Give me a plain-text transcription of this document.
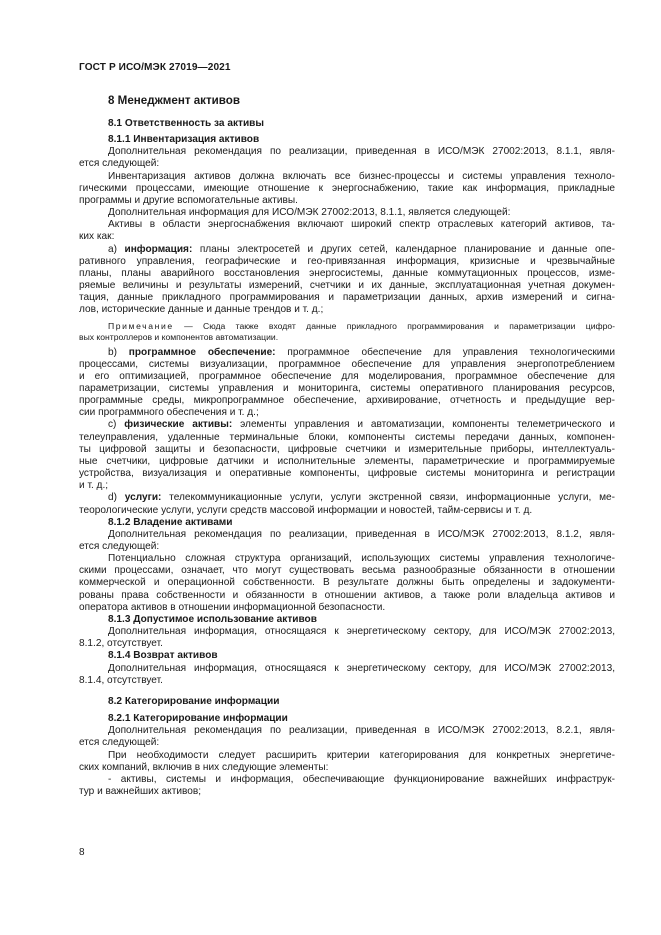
ГОСТ Р ИСО/МЭК 27019—2021
8 Менеджмент активов
8.1 Ответственность за активы
8.1.1 Инвентаризация активов
Дополнительная рекомендация по реализации, приведенная в ИСО/МЭК 27002:2013, 8.1.1, явля-
ется следующей:
Инвентаризация активов должна включать все бизнес-процессы и системы управления техноло-
гическими процессами, имеющие отношение к энергоснабжению, такие как информация, прикладные
программы и другие вспомогательные активы.
Дополнительная информация для ИСО/МЭК 27002:2013, 8.1.1, является следующей:
Активы в области энергоснабжения включают широкий спектр отраслевых категорий активов, та-
ких как:
а) информация: планы электросетей и других сетей, календарное планирование и данные опе-
ративного управления, географические и гео-привязанная информация, кризисные и чрезвычайные
планы, планы аварийного восстановления энергосистемы, данные коммутационных процессов, изме-
ряемые величины и результаты измерений, счетчики и их данные, эксплуатационная учетная докумен-
тация, данные прикладного программирования и параметризации данных, архив измерений и сигна-
лов, исторические данные и данные трендов и т. д.;
Примечание — Сюда также входят данные прикладного программирования и параметризации цифро-
вых контроллеров и компонентов автоматизации.
b) программное обеспечение: программное обеспечение для управления технологическими
процессами, системы визуализации, программное обеспечение для управления энергопотреблением
и его оптимизацией, программное обеспечение для моделирования, программное обеспечение для
параметризации, системы управления и мониторинга, системы оперативного планирования ресурсов,
программные среды, микропрограммное обеспечение, архивирование, отчетность и предыдущие вер-
сии программного обеспечения и т. д.;
с) физические активы: элементы управления и автоматизации, компоненты телеметрического и
телеуправления, удаленные терминальные блоки, компоненты системы передачи данных, компонен-
ты цифровой защиты и безопасности, цифровые счетчики и измерительные приборы, интеллектуаль-
ные счетчики, цифровые датчики и исполнительные элементы, параметрические и программируемые
устройства, визуализация и оперативные компоненты, цифровые системы мониторинга и регистрации
и т. д.;
d) услуги: телекоммуникационные услуги, услуги экстренной связи, информационные услуги, ме-
теорологические услуги, услуги средств массовой информации и новостей, тайм-сервисы и т. д.
8.1.2 Владение активами
Дополнительная рекомендация по реализации, приведенная в ИСО/МЭК 27002:2013, 8.1.2, явля-
ется следующей:
Потенциально сложная структура организаций, использующих системы управления технологиче-
скими процессами, означает, что могут существовать весьма разнообразные обязанности в отношении
коммерческой и операционной собственности. В результате должны быть определены и задокументи-
рованы права собственности и обязанности в отношении активов, а также роли владельца активов и
оператора активов в отношении информационной безопасности.
8.1.3 Допустимое использование активов
Дополнительная информация, относящаяся к энергетическому сектору, для ИСО/МЭК 27002:2013,
8.1.2, отсутствует.
8.1.4 Возврат активов
Дополнительная информация, относящаяся к энергетическому сектору, для ИСО/МЭК 27002:2013,
8.1.4, отсутствует.
8.2 Категорирование информации
8.2.1 Категорирование информации
Дополнительная рекомендация по реализации, приведенная в ИСО/МЭК 27002:2013, 8.2.1, явля-
ется следующей:
При необходимости следует расширить критерии категорирования для конкретных энергетиче-
ских компаний, включив в них следующие элементы:
- активы, системы и информация, обеспечивающие функционирование важнейших инфраструк-
тур и важнейших активов;
8
